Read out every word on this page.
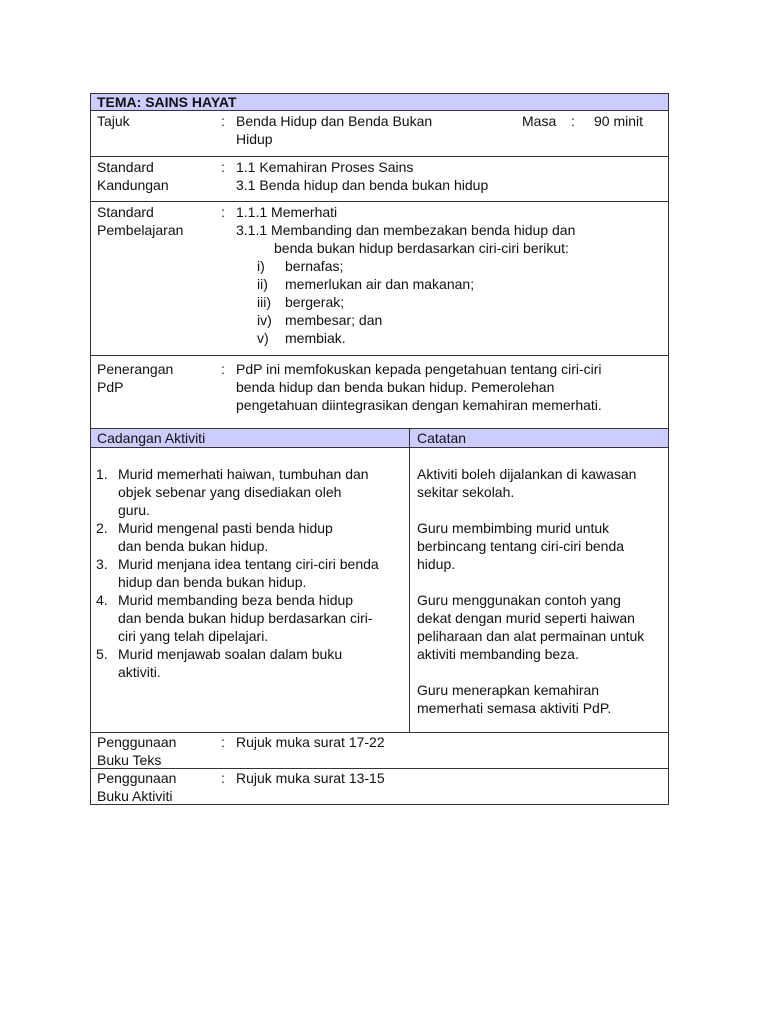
TEMA: SAINS HAYAT
Tajuk	: Benda Hidup dan Benda Bukan
Hidup
Masa : 90 minit
Standard
Kandungan
: 1.1 Kemahiran Proses Sains
3.1 Benda hidup dan benda bukan hidup
Standard
Pembelajaran
: 1.1.1 Memerhati
3.1.1 Membanding dan membezakan benda hidup dan
benda bukan hidup berdasarkan ciri-ciri berikut:
i) bernafas;
ii) memerlukan air dan makanan;
iii) bergerak;
iv) membesar; dan
v) membiak.
Penerangan
PdP
: PdP ini memfokuskan kepada pengetahuan tentang ciri-ciri
benda hidup dan benda bukan hidup. Pemerolehan
pengetahuan diintegrasikan dengan kemahiran memerhati.
Cadangan Aktiviti	Catatan
1. Murid memerhati haiwan, tumbuhan dan
objek sebenar yang disediakan oleh
guru.
2. Murid mengenal pasti benda hidup
dan benda bukan hidup.
3. Murid menjana idea tentang ciri-ciri benda
hidup dan benda bukan hidup.
4. Murid membanding beza benda hidup
dan benda bukan hidup berdasarkan ciri-
ciri yang telah dipelajari.
5. Murid menjawab soalan dalam buku
aktiviti.
Aktiviti boleh dijalankan di kawasan
sekitar sekolah.
Guru membimbing murid untuk
berbincang tentang ciri-ciri benda
hidup.
Guru menggunakan contoh yang
dekat dengan murid seperti haiwan
peliharaan dan alat permainan untuk
aktiviti membanding beza.
Guru menerapkan kemahiran
memerhati semasa aktiviti PdP.
Penggunaan
Buku Teks
: Rujuk muka surat 17-22
Penggunaan
Buku Aktiviti
: Rujuk muka surat 13-15
